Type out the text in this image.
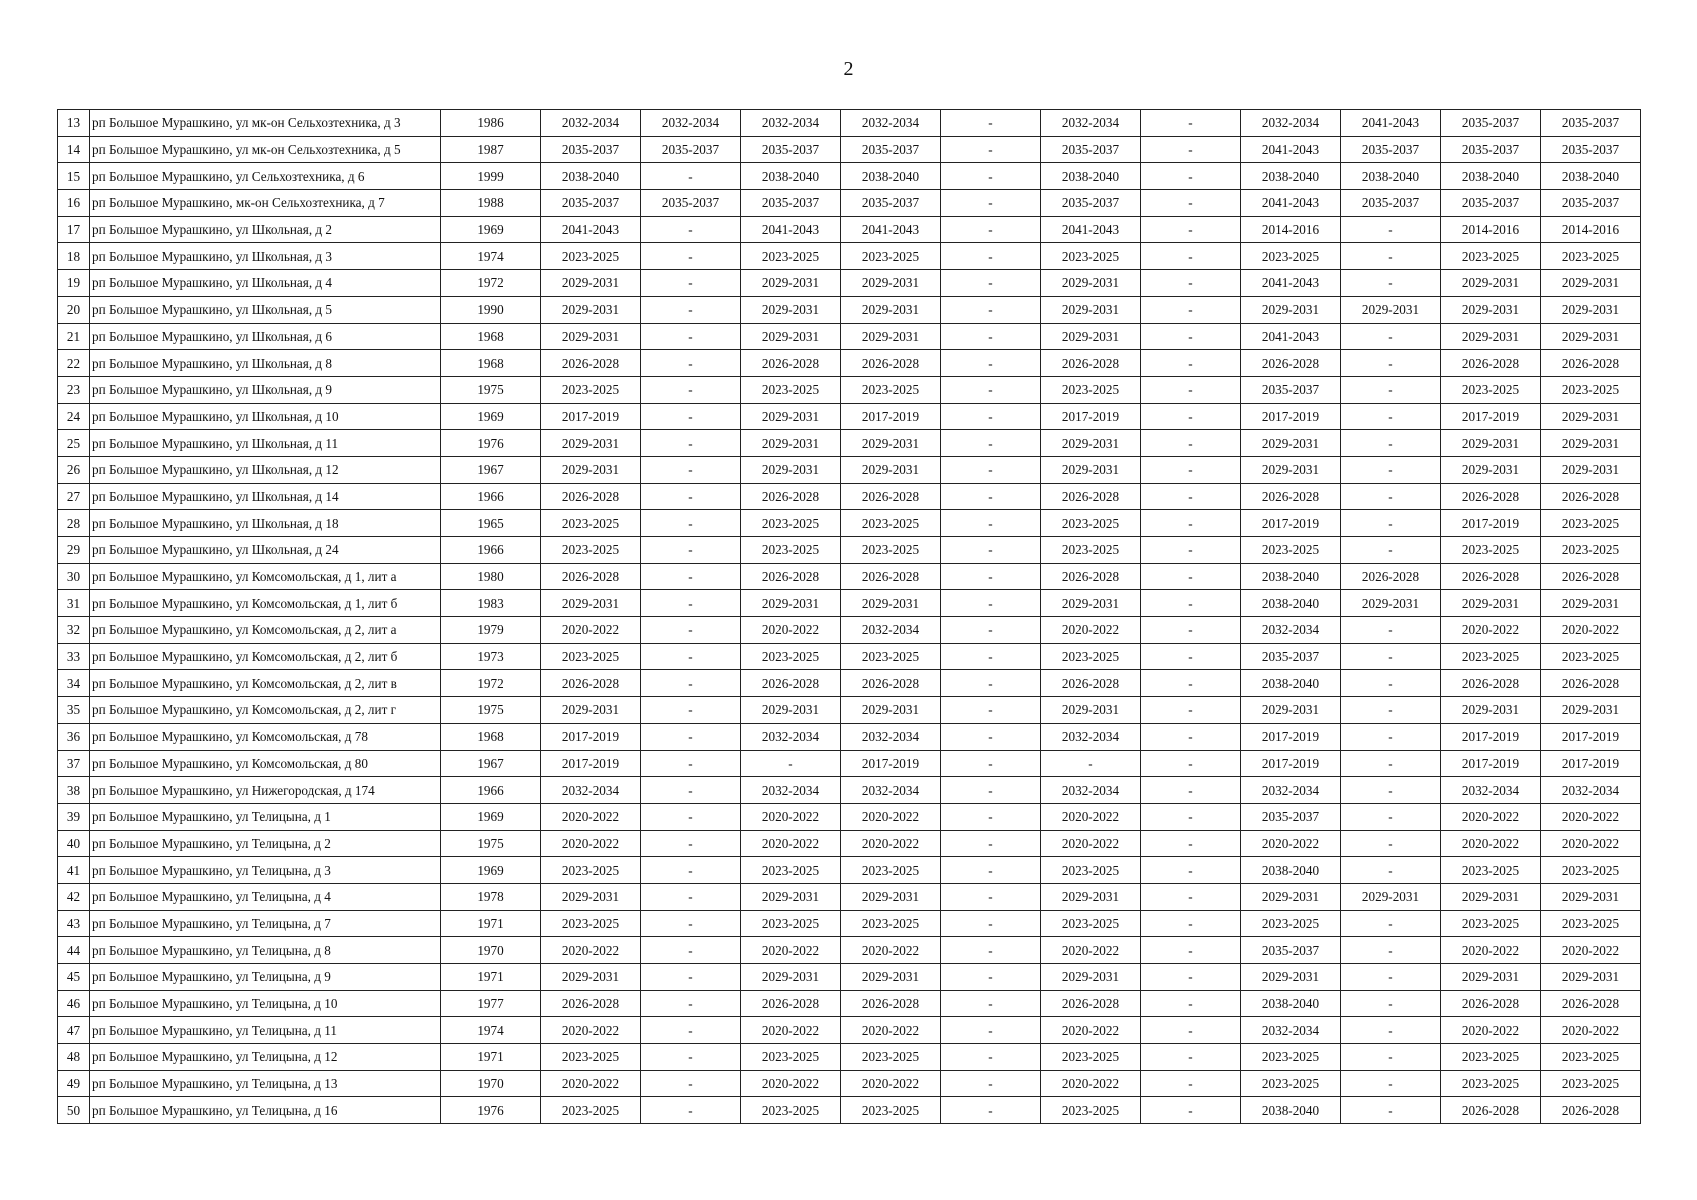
2
13	рп Большое Мурашкино, ул мк-он Сельхозтехника, д 3	1986	2032-2034	2032-2034	2032-2034	2032-2034	-	2032-2034	-	2032-2034	2041-2043	2035-2037	2035-2037
14	рп Большое Мурашкино, ул мк-он Сельхозтехника, д 5	1987	2035-2037	2035-2037	2035-2037	2035-2037	-	2035-2037	-	2041-2043	2035-2037	2035-2037	2035-2037
15	рп Большое Мурашкино, ул Сельхозтехника, д 6	1999	2038-2040	-	2038-2040	2038-2040	-	2038-2040	-	2038-2040	2038-2040	2038-2040	2038-2040
16	рп Большое Мурашкино, мк-он Сельхозтехника, д 7	1988	2035-2037	2035-2037	2035-2037	2035-2037	-	2035-2037	-	2041-2043	2035-2037	2035-2037	2035-2037
17	рп Большое Мурашкино, ул Школьная, д 2	1969	2041-2043	-	2041-2043	2041-2043	-	2041-2043	-	2014-2016	-	2014-2016	2014-2016
18	рп Большое Мурашкино, ул Школьная, д 3	1974	2023-2025	-	2023-2025	2023-2025	-	2023-2025	-	2023-2025	-	2023-2025	2023-2025
19	рп Большое Мурашкино, ул Школьная, д 4	1972	2029-2031	-	2029-2031	2029-2031	-	2029-2031	-	2041-2043	-	2029-2031	2029-2031
20	рп Большое Мурашкино, ул Школьная, д 5	1990	2029-2031	-	2029-2031	2029-2031	-	2029-2031	-	2029-2031	2029-2031	2029-2031	2029-2031
21	рп Большое Мурашкино, ул Школьная, д 6	1968	2029-2031	-	2029-2031	2029-2031	-	2029-2031	-	2041-2043	-	2029-2031	2029-2031
22	рп Большое Мурашкино, ул Школьная, д 8	1968	2026-2028	-	2026-2028	2026-2028	-	2026-2028	-	2026-2028	-	2026-2028	2026-2028
23	рп Большое Мурашкино, ул Школьная, д 9	1975	2023-2025	-	2023-2025	2023-2025	-	2023-2025	-	2035-2037	-	2023-2025	2023-2025
24	рп Большое Мурашкино, ул Школьная, д 10	1969	2017-2019	-	2029-2031	2017-2019	-	2017-2019	-	2017-2019	-	2017-2019	2029-2031
25	рп Большое Мурашкино, ул Школьная, д 11	1976	2029-2031	-	2029-2031	2029-2031	-	2029-2031	-	2029-2031	-	2029-2031	2029-2031
26	рп Большое Мурашкино, ул Школьная, д 12	1967	2029-2031	-	2029-2031	2029-2031	-	2029-2031	-	2029-2031	-	2029-2031	2029-2031
27	рп Большое Мурашкино, ул Школьная, д 14	1966	2026-2028	-	2026-2028	2026-2028	-	2026-2028	-	2026-2028	-	2026-2028	2026-2028
28	рп Большое Мурашкино, ул Школьная, д 18	1965	2023-2025	-	2023-2025	2023-2025	-	2023-2025	-	2017-2019	-	2017-2019	2023-2025
29	рп Большое Мурашкино, ул Школьная, д 24	1966	2023-2025	-	2023-2025	2023-2025	-	2023-2025	-	2023-2025	-	2023-2025	2023-2025
30	рп Большое Мурашкино, ул Комсомольская, д 1, лит а	1980	2026-2028	-	2026-2028	2026-2028	-	2026-2028	-	2038-2040	2026-2028	2026-2028	2026-2028
31	рп Большое Мурашкино, ул Комсомольская, д 1, лит б	1983	2029-2031	-	2029-2031	2029-2031	-	2029-2031	-	2038-2040	2029-2031	2029-2031	2029-2031
32	рп Большое Мурашкино, ул Комсомольская, д 2, лит а	1979	2020-2022	-	2020-2022	2032-2034	-	2020-2022	-	2032-2034	-	2020-2022	2020-2022
33	рп Большое Мурашкино, ул Комсомольская, д 2, лит б	1973	2023-2025	-	2023-2025	2023-2025	-	2023-2025	-	2035-2037	-	2023-2025	2023-2025
34	рп Большое Мурашкино, ул Комсомольская, д 2, лит в	1972	2026-2028	-	2026-2028	2026-2028	-	2026-2028	-	2038-2040	-	2026-2028	2026-2028
35	рп Большое Мурашкино, ул Комсомольская, д 2, лит г	1975	2029-2031	-	2029-2031	2029-2031	-	2029-2031	-	2029-2031	-	2029-2031	2029-2031
36	рп Большое Мурашкино, ул Комсомольская, д 78	1968	2017-2019	-	2032-2034	2032-2034	-	2032-2034	-	2017-2019	-	2017-2019	2017-2019
37	рп Большое Мурашкино, ул Комсомольская, д 80	1967	2017-2019	-	-	2017-2019	-	-	-	2017-2019	-	2017-2019	2017-2019
38	рп Большое Мурашкино, ул Нижегородская, д 174	1966	2032-2034	-	2032-2034	2032-2034	-	2032-2034	-	2032-2034	-	2032-2034	2032-2034
39	рп Большое Мурашкино, ул Телицына, д 1	1969	2020-2022	-	2020-2022	2020-2022	-	2020-2022	-	2035-2037	-	2020-2022	2020-2022
40	рп Большое Мурашкино, ул Телицына, д 2	1975	2020-2022	-	2020-2022	2020-2022	-	2020-2022	-	2020-2022	-	2020-2022	2020-2022
41	рп Большое Мурашкино, ул Телицына, д 3	1969	2023-2025	-	2023-2025	2023-2025	-	2023-2025	-	2038-2040	-	2023-2025	2023-2025
42	рп Большое Мурашкино, ул Телицына, д 4	1978	2029-2031	-	2029-2031	2029-2031	-	2029-2031	-	2029-2031	2029-2031	2029-2031	2029-2031
43	рп Большое Мурашкино, ул Телицына, д 7	1971	2023-2025	-	2023-2025	2023-2025	-	2023-2025	-	2023-2025	-	2023-2025	2023-2025
44	рп Большое Мурашкино, ул Телицына, д 8	1970	2020-2022	-	2020-2022	2020-2022	-	2020-2022	-	2035-2037	-	2020-2022	2020-2022
45	рп Большое Мурашкино, ул Телицына, д 9	1971	2029-2031	-	2029-2031	2029-2031	-	2029-2031	-	2029-2031	-	2029-2031	2029-2031
46	рп Большое Мурашкино, ул Телицына, д 10	1977	2026-2028	-	2026-2028	2026-2028	-	2026-2028	-	2038-2040	-	2026-2028	2026-2028
47	рп Большое Мурашкино, ул Телицына, д 11	1974	2020-2022	-	2020-2022	2020-2022	-	2020-2022	-	2032-2034	-	2020-2022	2020-2022
48	рп Большое Мурашкино, ул Телицына, д 12	1971	2023-2025	-	2023-2025	2023-2025	-	2023-2025	-	2023-2025	-	2023-2025	2023-2025
49	рп Большое Мурашкино, ул Телицына, д 13	1970	2020-2022	-	2020-2022	2020-2022	-	2020-2022	-	2023-2025	-	2023-2025	2023-2025
50	рп Большое Мурашкино, ул Телицына, д 16	1976	2023-2025	-	2023-2025	2023-2025	-	2023-2025	-	2038-2040	-	2026-2028	2026-2028
